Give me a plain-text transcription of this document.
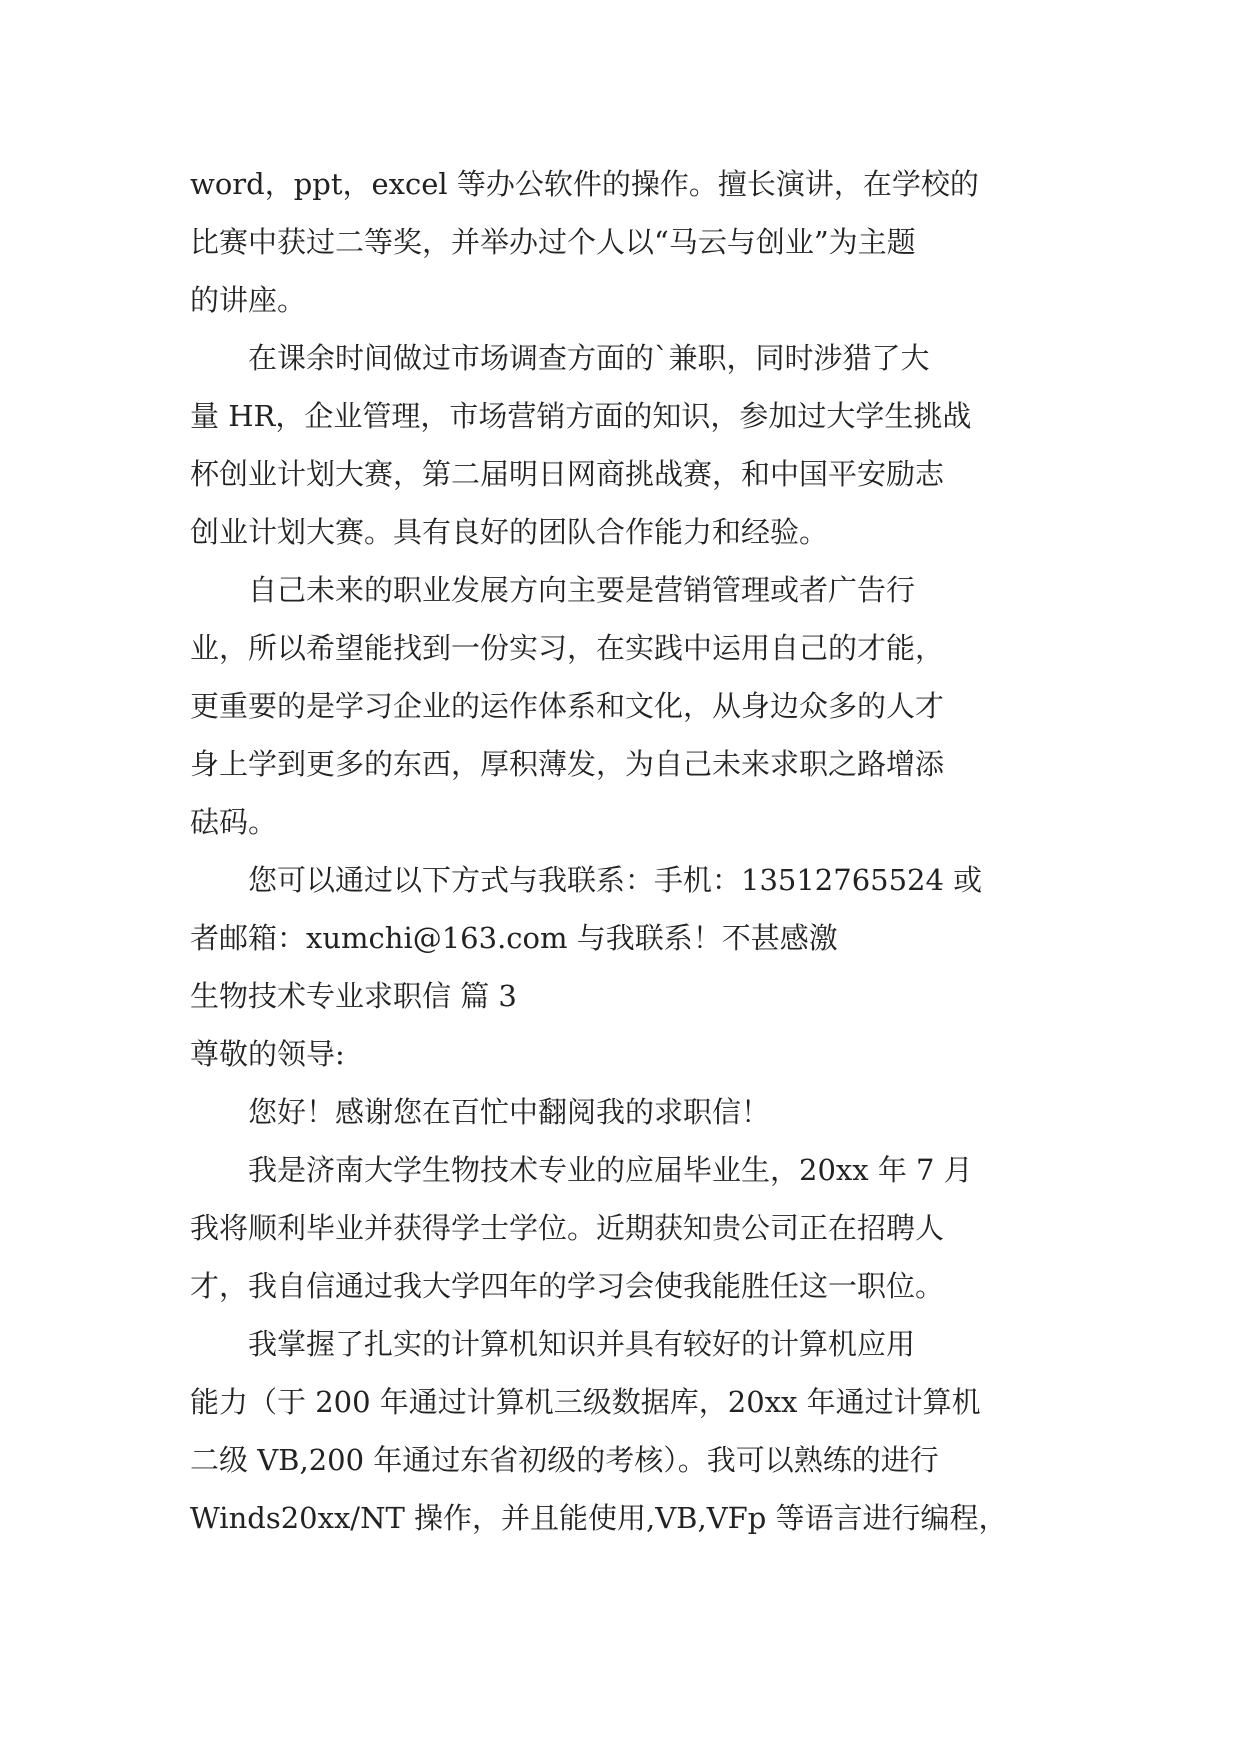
word，ppt，excel 等办公软件的操作。擅长演讲，在学校的
比赛中获过二等奖，并举办过个人以“马云与创业”为主题
的讲座。
　　在课余时间做过市场调查方面的`兼职，同时涉猎了大
量 HR，企业管理，市场营销方面的知识，参加过大学生挑战
杯创业计划大赛，第二届明日网商挑战赛，和中国平安励志
创业计划大赛。具有良好的团队合作能力和经验。
　　自己未来的职业发展方向主要是营销管理或者广告行
业，所以希望能找到一份实习，在实践中运用自己的才能，
更重要的是学习企业的运作体系和文化，从身边众多的人才
身上学到更多的东西，厚积薄发，为自己未来求职之路增添
砝码。
　　您可以通过以下方式与我联系：手机：13512765524 或
者邮箱：xumchi@163.com 与我联系！不甚感激
生物技术专业求职信 篇 3
尊敬的领导:
　　您好！感谢您在百忙中翻阅我的求职信！
　　我是济南大学生物技术专业的应届毕业生，20xx 年 7 月
我将顺利毕业并获得学士学位。近期获知贵公司正在招聘人
才，我自信通过我大学四年的学习会使我能胜任这一职位。
　　我掌握了扎实的计算机知识并具有较好的计算机应用
能力（于 200 年通过计算机三级数据库，20xx 年通过计算机
二级 VB,200 年通过东省初级的考核）。我可以熟练的进行
Winds20xx/NT 操作，并且能使用,VB,VFp 等语言进行编程，
